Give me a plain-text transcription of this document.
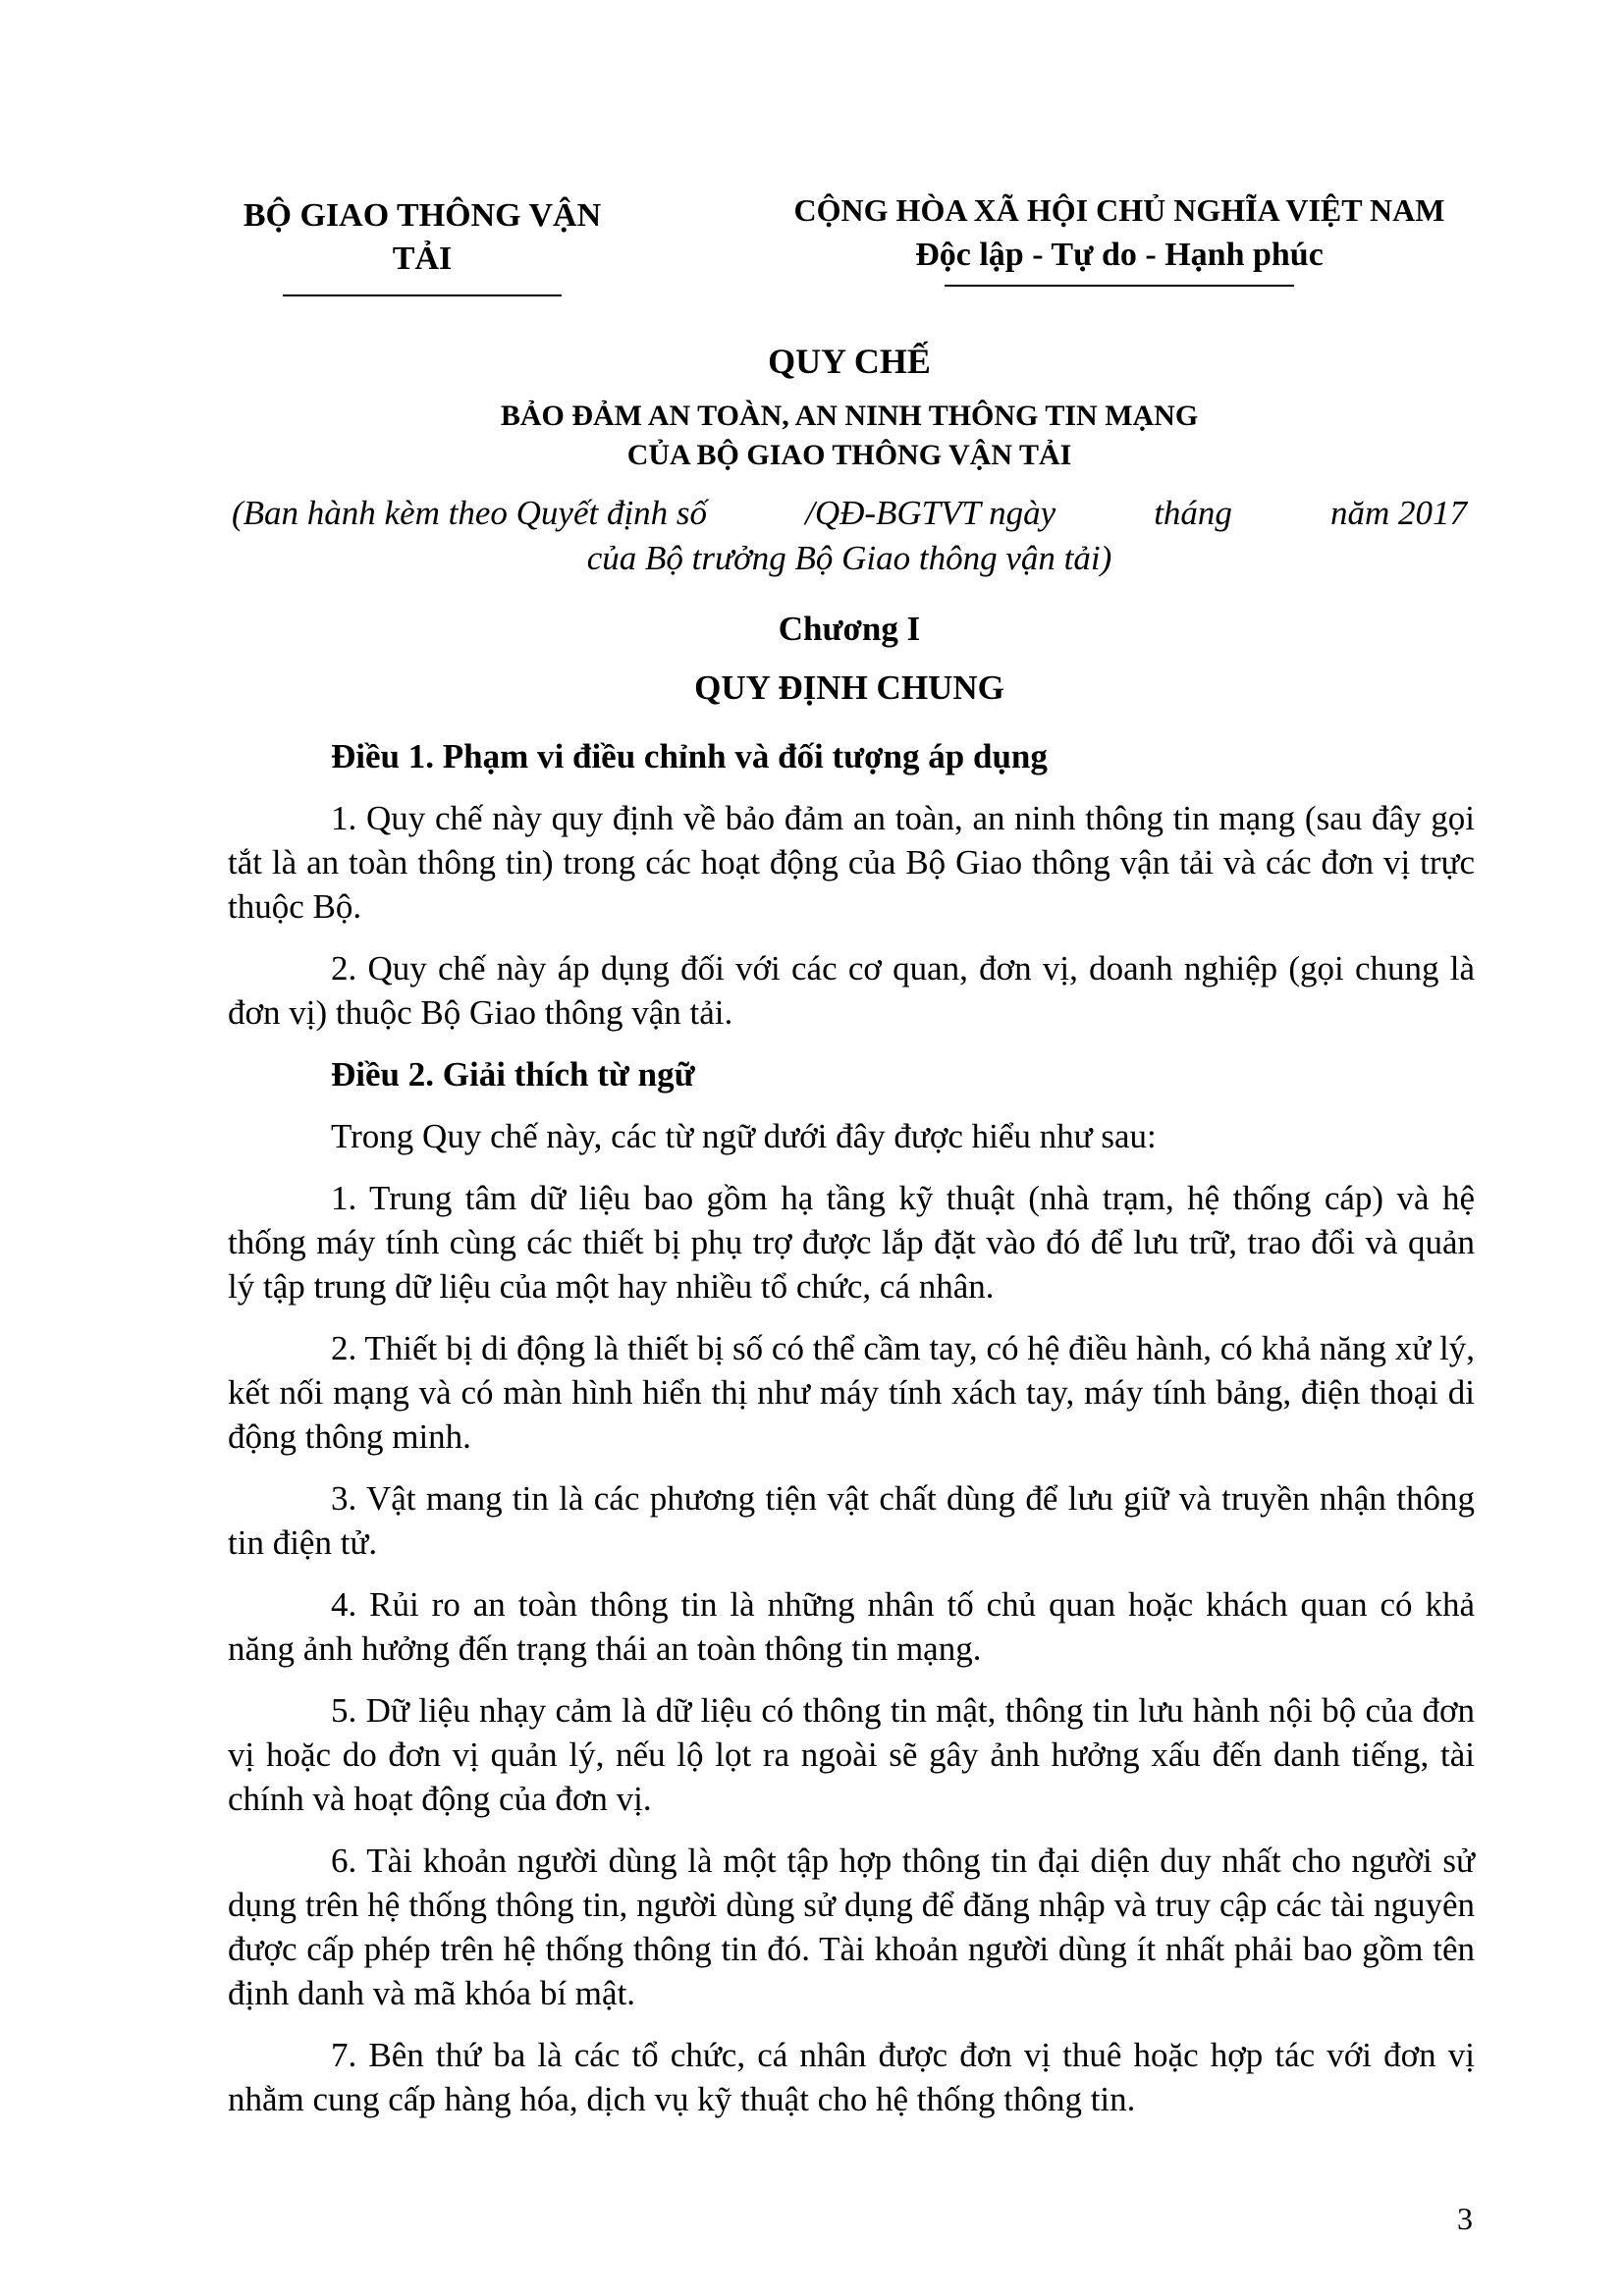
BỘ GIAO THÔNG VẬN TẢI
CỘNG HÒA XÃ HỘI CHỦ NGHĨA VIỆT NAM
Độc lập - Tự do - Hạnh phúc
QUY CHẾ
BẢO ĐẢM AN TOÀN, AN NINH THÔNG TIN MẠNG
CỦA BỘ GIAO THÔNG VẬN TẢI
(Ban hành kèm theo Quyết định số	/QĐ-BGTVT ngày	tháng	năm 2017
của Bộ trưởng Bộ Giao thông vận tải)
Chương I
QUY ĐỊNH CHUNG

Điều 1. Phạm vi điều chỉnh và đối tượng áp dụng

1. Quy chế này quy định về bảo đảm an toàn, an ninh thông tin mạng (sau đây gọi tắt là an toàn thông tin) trong các hoạt động của Bộ Giao thông vận tải và các đơn vị trực thuộc Bộ.

2. Quy chế này áp dụng đối với các cơ quan, đơn vị, doanh nghiệp (gọi chung là đơn vị) thuộc Bộ Giao thông vận tải.

Điều 2. Giải thích từ ngữ

Trong Quy chế này, các từ ngữ dưới đây được hiểu như sau:

1. Trung tâm dữ liệu bao gồm hạ tầng kỹ thuật (nhà trạm, hệ thống cáp) và hệ thống máy tính cùng các thiết bị phụ trợ được lắp đặt vào đó để lưu trữ, trao đổi và quản lý tập trung dữ liệu của một hay nhiều tổ chức, cá nhân.

2. Thiết bị di động là thiết bị số có thể cầm tay, có hệ điều hành, có khả năng xử lý, kết nối mạng và có màn hình hiển thị như máy tính xách tay, máy tính bảng, điện thoại di động thông minh.

3. Vật mang tin là các phương tiện vật chất dùng để lưu giữ và truyền nhận thông tin điện tử.

4. Rủi ro an toàn thông tin là những nhân tố chủ quan hoặc khách quan có khả năng ảnh hưởng đến trạng thái an toàn thông tin mạng.

5. Dữ liệu nhạy cảm là dữ liệu có thông tin mật, thông tin lưu hành nội bộ của đơn vị hoặc do đơn vị quản lý, nếu lộ lọt ra ngoài sẽ gây ảnh hưởng xấu đến danh tiếng, tài chính và hoạt động của đơn vị.

6. Tài khoản người dùng là một tập hợp thông tin đại diện duy nhất cho người sử dụng trên hệ thống thông tin, người dùng sử dụng để đăng nhập và truy cập các tài nguyên được cấp phép trên hệ thống thông tin đó. Tài khoản người dùng ít nhất phải bao gồm tên định danh và mã khóa bí mật.

7. Bên thứ ba là các tổ chức, cá nhân được đơn vị thuê hoặc hợp tác với đơn vị nhằm cung cấp hàng hóa, dịch vụ kỹ thuật cho hệ thống thông tin.

3
